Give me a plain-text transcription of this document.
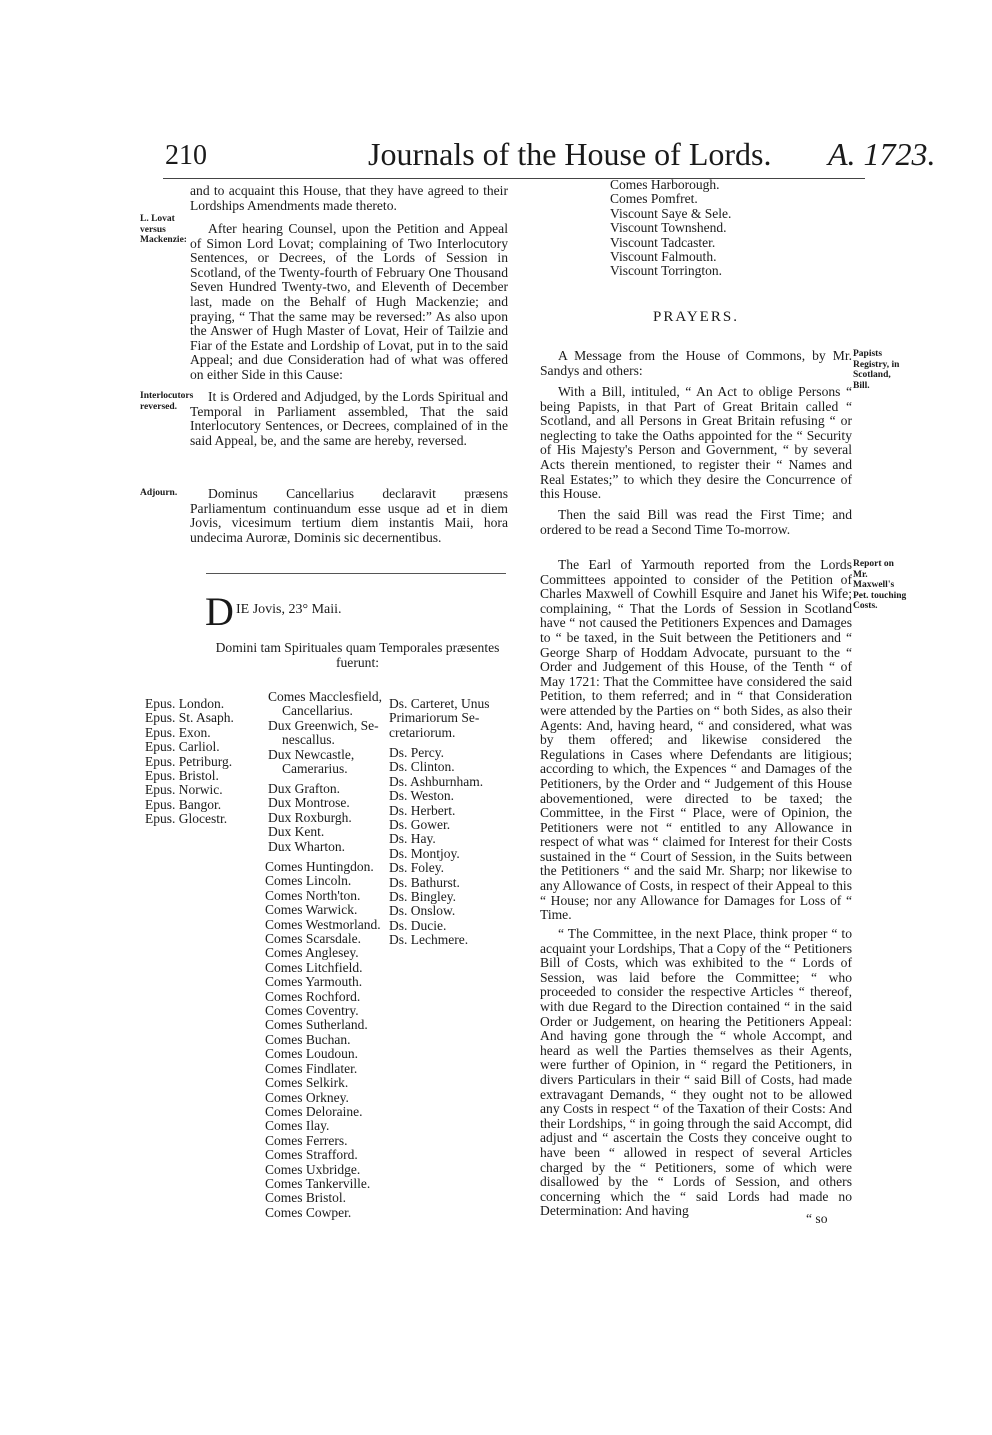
210	Journals of the House of Lords. A. 1723.

and to acquaint this House, that they have agreed to their Lordships Amendments made thereto.

After hearing Counsel, upon the Petition and Appeal of Simon Lord Lovat; complaining of Two Interlocutory Sentences, or Decrees, of the Lords of Session in Scotland, of the Twenty-fourth of February One Thousand Seven Hundred Twenty-two, and Eleventh of December last, made on the Behalf of Hugh Mackenzie; and praying, “ That the same may be reversed:” As also upon the Answer of Hugh Master of Lovat, Heir of Tailzie and Fiar of the Estate and Lordship of Lovat, put in to the said Appeal; and due Consideration had of what was offered on either Side in this Cause:

It is Ordered and Adjudged, by the Lords Spiritual and Temporal in Parliament assembled, That the said Interlocutory Sentences, or Decrees, complained of in the said Appeal, be, and the same are hereby, reversed.

Dominus Cancellarius declaravit præsens Parliamentum continuandum esse usque ad et in diem Jovis, vicesimum tertium diem instantis Maii, hora undecima Auroræ, Dominis sic decernentibus.

L. Lovat versus Mackenzie:
Interlocutors reversed.
Adjourn.
Papists Registry, in Scotland, Bill.
Report on Mr. Maxwell's Pet. touching Costs.
D IE Jovis, 23° Maii.
Domini tam Spirituales quam Temporales præsentes fuerunt:
Epus. London.
Epus. St. Asaph.
Epus. Exon.
Epus. Carliol.
Epus. Petriburg.
Epus. Bristol.
Epus. Norwic.
Epus. Bangor.
Epus. Glocestr.
Comes Macclesfield,
Cancellarius.
Dux Greenwich, Se-
nescallus.
Dux Newcastle,
Camerarius.
Dux Grafton.
Dux Montrose.
Dux Roxburgh.
Dux Kent.
Dux Wharton.
Comes Huntingdon.
Comes Lincoln.
Comes North'ton.
Comes Warwick.
Comes Westmorland.
Comes Scarsdale.
Comes Anglesey.
Comes Litchfield.
Comes Yarmouth.
Comes Rochford.
Comes Coventry.
Comes Sutherland.
Comes Buchan.
Comes Loudoun.
Comes Findlater.
Comes Selkirk.
Comes Orkney.
Comes Deloraine.
Comes Ilay.
Comes Ferrers.
Comes Strafford.
Comes Uxbridge.
Comes Tankerville.
Comes Bristol.
Comes Cowper.
Ds. Carteret, Unus
Primariorum Se-
cretariorum.
Ds. Percy.
Ds. Clinton.
Ds. Ashburnham.
Ds. Weston.
Ds. Herbert.
Ds. Gower.
Ds. Hay.
Ds. Montjoy.
Ds. Foley.
Ds. Bathurst.
Ds. Bingley.
Ds. Onslow.
Ds. Ducie.
Ds. Lechmere.
Comes Harborough.
Comes Pomfret.
Viscount Saye & Sele.
Viscount Townshend.
Viscount Tadcaster.
Viscount Falmouth.
Viscount Torrington.
PRAYERS.

A Message from the House of Commons, by Mr. Sandys and others:

With a Bill, intituled, “ An Act to oblige Persons “ being Papists, in that Part of Great Britain called “ Scotland, and all Persons in Great Britain refusing “ or neglecting to take the Oaths appointed for the “ Security of His Majesty's Person and Government, “ by several Acts therein mentioned, to register their “ Names and Real Estates;” to which they desire the Concurrence of this House.

Then the said Bill was read the First Time; and ordered to be read a Second Time To-morrow.

The Earl of Yarmouth reported from the Lords Committees appointed to consider of the Petition of Charles Maxwell of Cowhill Esquire and Janet his Wife; complaining, “ That the Lords of Session in Scotland have “ not caused the Petitioners Expences and Damages to “ be taxed, in the Suit between the Petitioners and “ George Sharp of Hoddam Advocate, pursuant to the “ Order and Judgement of this House, of the Tenth “ of May 1721: That the Committee have considered the said Petition, to them referred; and in “ that Consideration were attended by the Parties on “ both Sides, as also their Agents: And, having heard, “ and considered, what was by them offered; and likewise considered the Regulations in Cases where Defendants are litigious; according to which, the Expences “ and Damages of the Petitioners, by the Order and “ Judgement of this House abovementioned, were directed to be taxed; the Committee, in the First “ Place, were of Opinion, the Petitioners were not “ entitled to any Allowance in respect of what was “ claimed for Interest for their Costs sustained in the “ Court of Session, in the Suits between the Petitioners “ and the said Mr. Sharp; nor likewise to any Allowance of Costs, in respect of their Appeal to this “ House; nor any Allowance for Damages for Loss of “ Time.

“ The Committee, in the next Place, think proper “ to acquaint your Lordships, That a Copy of the “ Petitioners Bill of Costs, which was exhibited to the “ Lords of Session, was laid before the Committee; “ who proceeded to consider the respective Articles “ thereof, with due Regard to the Direction contained “ in the said Order or Judgement, on hearing the Petitioners Appeal: And having gone through the “ whole Accompt, and heard as well the Parties themselves as their Agents, were further of Opinion, in “ regard the Petitioners, in divers Particulars in their “ said Bill of Costs, had made extravagant Demands, “ they ought not to be allowed any Costs in respect “ of the Taxation of their Costs: And their Lordships, “ in going through the said Accompt, did adjust and “ ascertain the Costs they conceive ought to have been “ allowed in respect of several Articles charged by the “ Petitioners, some of which were disallowed by the “ Lords of Session, and others concerning which the “ said Lords had made no Determination: And having

“ so
